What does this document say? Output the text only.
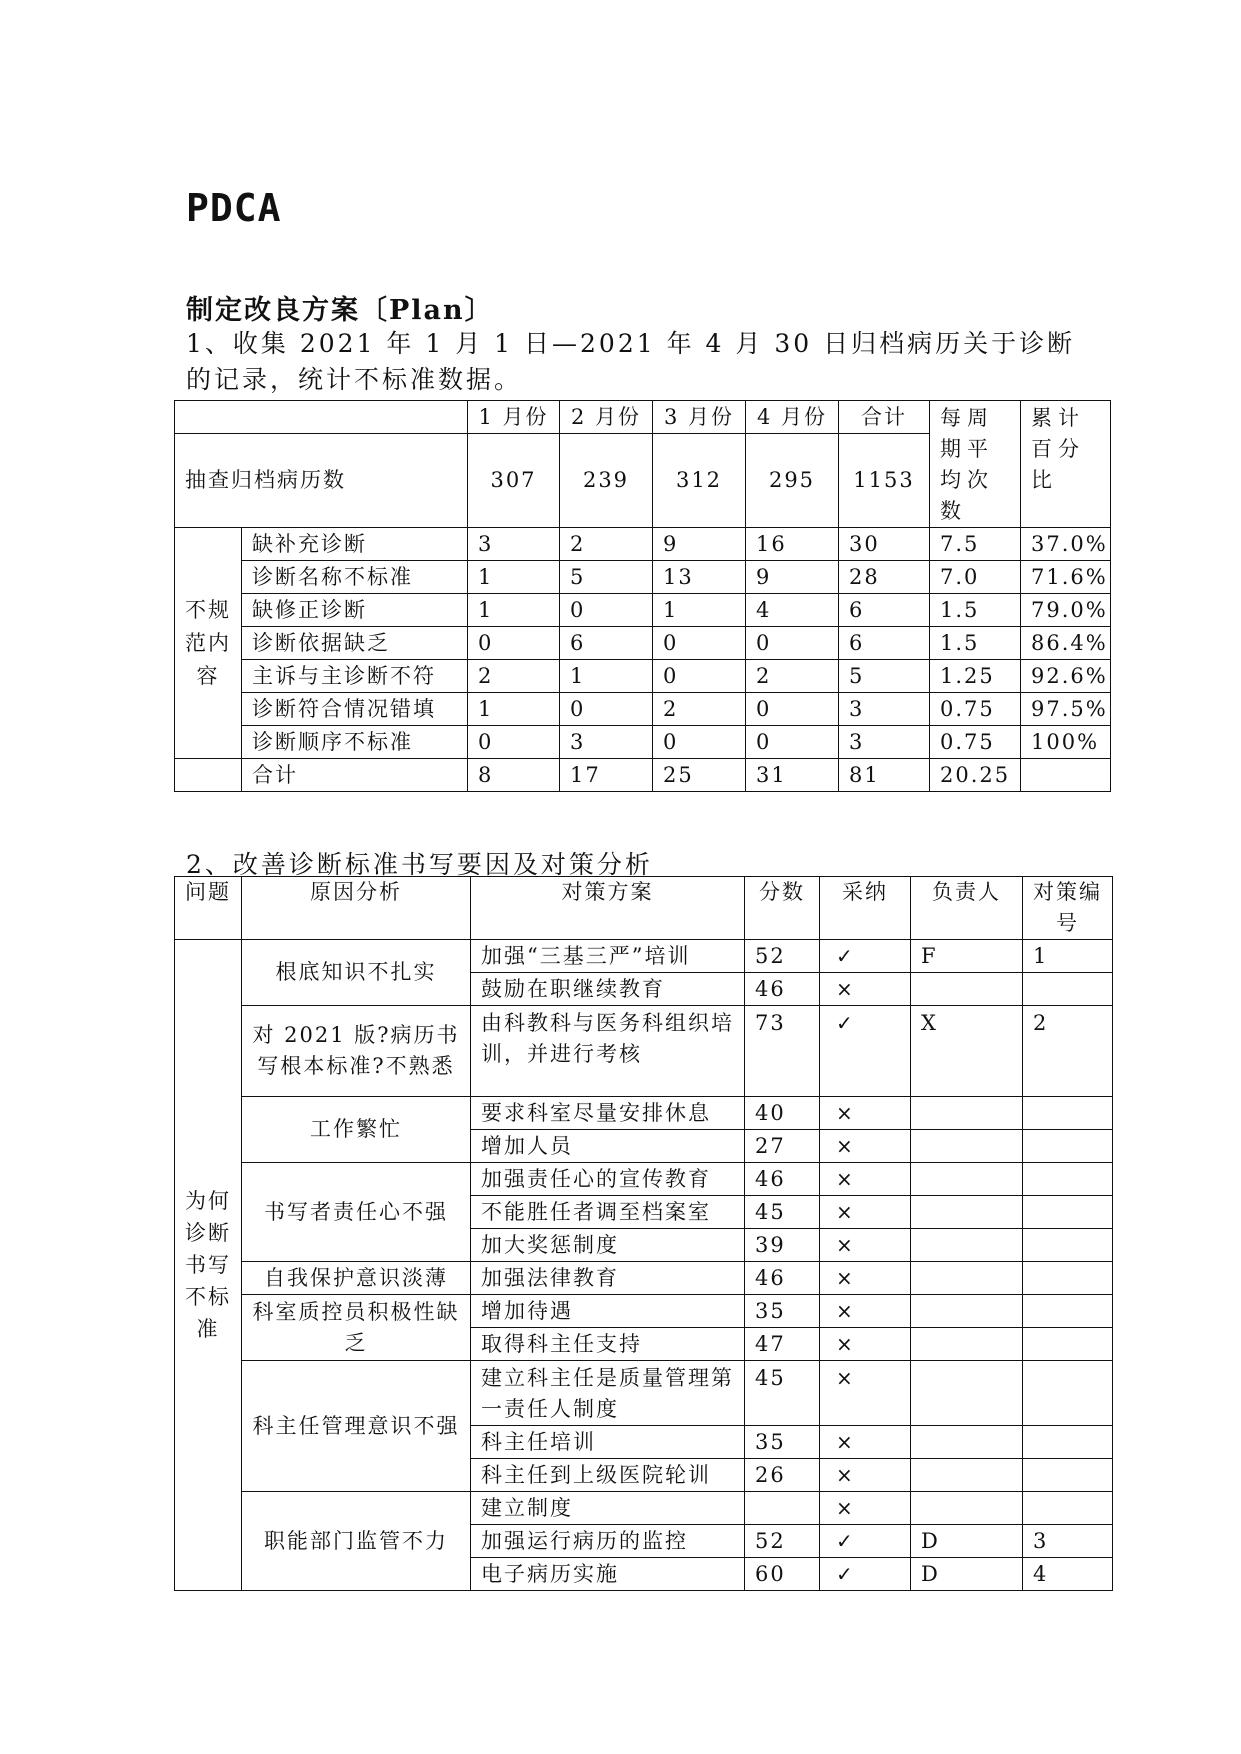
PDCA
制定改良方案〔Plan〕

1、收集 2021 年 1 月 1 日—2021 年 4 月 30 日归档病历关于诊断的记录，统计不标准数据。

		1 月份	2 月份	3 月份	4 月份	合计	每周期平均次数	累计百分比
抽查归档病历数		307	239	312	295	1153		
不规范内容	缺补充诊断	3	2	9	16	30	7.5	37.0%
	诊断名称不标准	1	5	13	9	28	7.0	71.6%
	缺修正诊断	1	0	1	4	6	1.5	79.0%
	诊断依据缺乏	0	6	0	0	6	1.5	86.4%
	主诉与主诊断不符	2	1	0	2	5	1.25	92.6%
	诊断符合情况错填	1	0	2	0	3	0.75	97.5%
	诊断顺序不标准	0	3	0	0	3	0.75	100%
	合计	8	17	25	31	81	20.25	

2、改善诊断标准书写要因及对策分析

问题	原因分析	对策方案	分数	采纳	负责人	对策编号
为何诊断书写不标准	根底知识不扎实	加强“三基三严”培训	52	✓	F	1
		鼓励在职继续教育	46	×		
	对 2021 版?病历书写根本标准?不熟悉	由科教科与医务科组织培训，并进行考核	73	✓	X	2
	工作繁忙	要求科室尽量安排休息	40	×		
		增加人员	27	×		
	书写者责任心不强	加强责任心的宣传教育	46	×		
		不能胜任者调至档案室	45	×		
		加大奖惩制度	39	×		
	自我保护意识淡薄	加强法律教育	46	×		
	科室质控员积极性缺乏	增加待遇	35	×		
		取得科主任支持	47	×		
	科主任管理意识不强	建立科主任是质量管理第一责任人制度	45	×		
		科主任培训	35	×		
		科主任到上级医院轮训	26	×		
	职能部门监管不力	建立制度		×		
		加强运行病历的监控	52	✓	D	3
		电子病历实施	60	✓	D	4
